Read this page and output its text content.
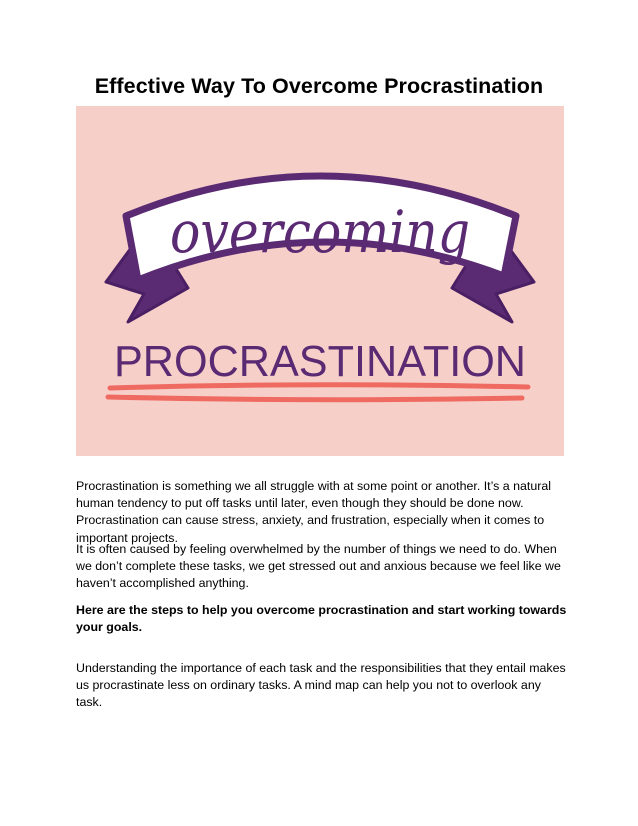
Effective Way To Overcome Procrastination
overcoming
PROCRASTINATION

Procrastination is something we all struggle with at some point or another. It’s a natural human tendency to put off tasks until later, even though they should be done now. Procrastination can cause stress, anxiety, and frustration, especially when it comes to important projects.

It is often caused by feeling overwhelmed by the number of things we need to do. When we don’t complete these tasks, we get stressed out and anxious because we feel like we haven’t accomplished anything.

Here are the steps to help you overcome procrastination and start working towards your goals.

Understanding the importance of each task and the responsibilities that they entail makes us procrastinate less on ordinary tasks. A mind map can help you not to overlook any task.
